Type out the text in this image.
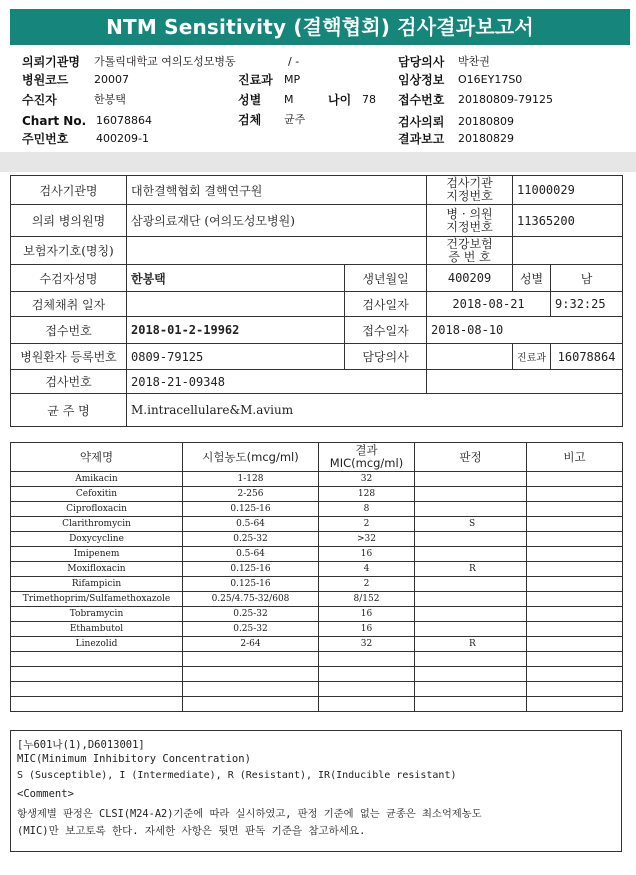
NTM Sensitivity (결핵협회) 검사결과보고서
의뢰기관명 가톨릭대학교 여의도성모병동	/ -	담당의사 박찬권
병원코드 20007	진료과 MP	임상정보 O16EY17S0
수진자	한봉택	성별 M	나이 78 접수번호 20180809-79125
Chart No. 16078864	검체 균주	검사의뢰 20180809
주민번호	400209-1	결과보고 20180829
검사기관명	대한결핵협회 결핵연구원		검사기관
지정번호	11000029	
의뢰 병의원명	삼광의료재단 (여의도성모병원)		병 · 의원
지정번호	11365200	
보험자기호(명칭)			건강보험
증 번 호		
수검자성명	한봉택	생년월일	400209	성별	남
검체채취 일자		검사일자	2018-08-21		9:32:25
접수번호	2018-01-2-19962	접수일자	2018-08-10		
병원환자 등록번호	0809-79125	담당의사		진료과	16078864
검사번호	2018-21-09348				
균 주 명	M.intracellulare&M.avium				
약제명	시험농도(mcg/ml)	결과
MIC(mcg/ml)	판정	비고
Amikacin	1-128	32		
Cefoxitin	2-256	128		
Ciprofloxacin	0.125-16	8		
Clarithromycin	0.5-64	2	S	
Doxycycline	0.25-32	>32		
Imipenem	0.5-64	16		
Moxifloxacin	0.125-16	4	R	
Rifampicin	0.125-16	2		
Trimethoprim/Sulfamethoxazole	0.25/4.75-32/608	8/152		
Tobramycin	0.25-32	16		
Ethambutol	0.25-32	16		
Linezolid	2-64	32	R	

[누601나(1),D6013001]
MIC(Minimum Inhibitory Concentration)
S (Susceptible), I (Intermediate), R (Resistant), IR(Inducible resistant)
<Comment>
항생제별 판정은 CLSI(M24-A2)기준에 따라 실시하였고, 판정 기준에 없는 균종은 최소억제농도
(MIC)만 보고토록 한다. 자세한 사항은 뒷면 판독 기준을 참고하세요.
